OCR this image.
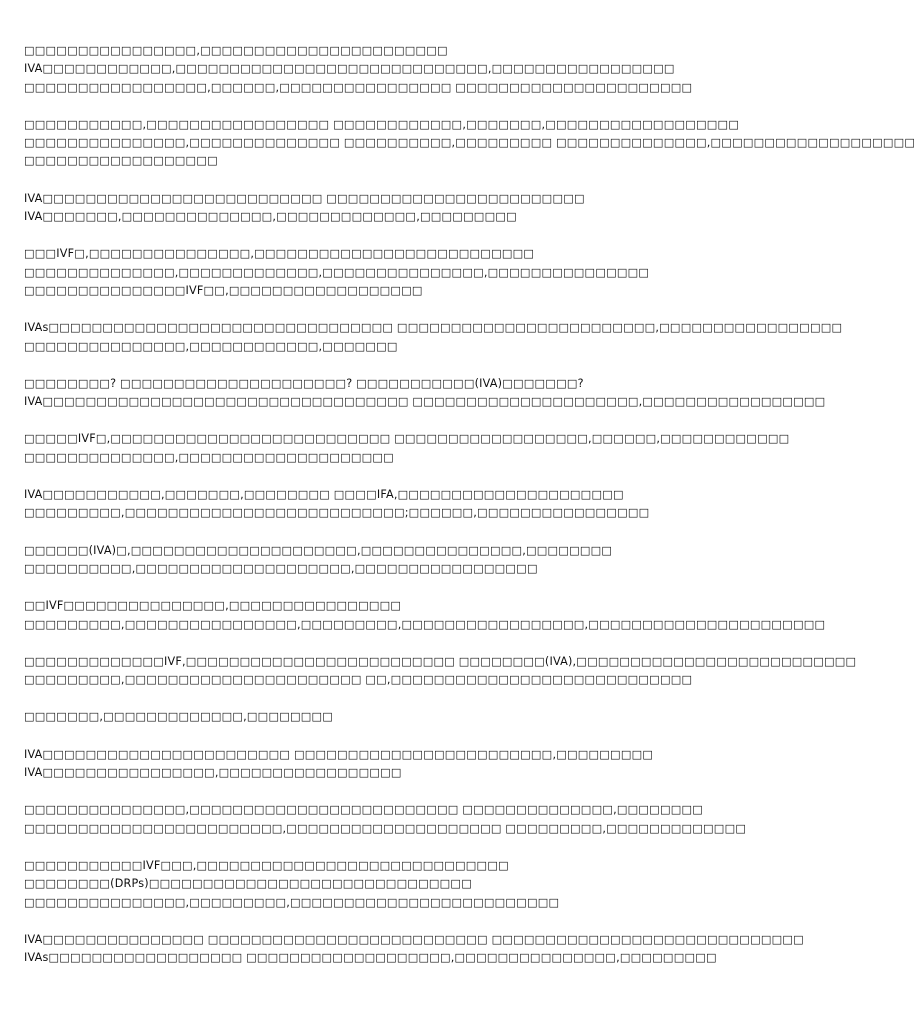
□□□□□□□□□□□□□□□□,□□□□□□□□□□□□□□□□□□□□□□□
IVA□□□□□□□□□□□□,□□□□□□□□□□□□□□□□□□□□□□□□□□□□□,□□□□□□□□□□□□□□□□□
□□□□□□□□□□□□□□□□□,□□□□□□,□□□□□□□□□□□□□□□□ □□□□□□□□□□□□□□□□□□□□□□
□□□□□□□□□□□,□□□□□□□□□□□□□□□□□ □□□□□□□□□□□□,□□□□□□□,□□□□□□□□□□□□□□□□□□
□□□□□□□□□□□□□□□,□□□□□□□□□□□□□□ □□□□□□□□□□,□□□□□□□□□ □□□□□□□□□□□□□□,□□□□□□□□□□□□□□□□□□□
□□□□□□□□□□□□□□□□□□
IVA□□□□□□□□□□□□□□□□□□□□□□□□□□ □□□□□□□□□□□□□□□□□□□□□□□□
IVA□□□□□□□,□□□□□□□□□□□□□□,□□□□□□□□□□□□□,□□□□□□□□□
□□□IVF□,□□□□□□□□□□□□□□□,□□□□□□□□□□□□□□□□□□□□□□□□□□
□□□□□□□□□□□□□□,□□□□□□□□□□□□□,□□□□□□□□□□□□□□□,□□□□□□□□□□□□□□□
□□□□□□□□□□□□□□□IVF□□,□□□□□□□□□□□□□□□□□□
IVAs□□□□□□□□□□□□□□□□□□□□□□□□□□□□□□□□ □□□□□□□□□□□□□□□□□□□□□□□□,□□□□□□□□□□□□□□□□□
□□□□□□□□□□□□□□□,□□□□□□□□□□□□,□□□□□□□
□□□□□□□□? □□□□□□□□□□□□□□□□□□□□□? □□□□□□□□□□□(IVA)□□□□□□□?
IVA□□□□□□□□□□□□□□□□□□□□□□□□□□□□□□□□□□ □□□□□□□□□□□□□□□□□□□□□,□□□□□□□□□□□□□□□□□
□□□□□IVF□,□□□□□□□□□□□□□□□□□□□□□□□□□□ □□□□□□□□□□□□□□□□□□,□□□□□□,□□□□□□□□□□□□
□□□□□□□□□□□□□□,□□□□□□□□□□□□□□□□□□□□
IVA□□□□□□□□□□□,□□□□□□□,□□□□□□□□ □□□□IFA,□□□□□□□□□□□□□□□□□□□□□
□□□□□□□□□,□□□□□□□□□□□□□□□□□□□□□□□□□□;□□□□□□,□□□□□□□□□□□□□□□□
□□□□□□(IVA)□,□□□□□□□□□□□□□□□□□□□□□,□□□□□□□□□□□□□□□,□□□□□□□□
□□□□□□□□□□,□□□□□□□□□□□□□□□□□□□□,□□□□□□□□□□□□□□□□□
□□IVF□□□□□□□□□□□□□□□,□□□□□□□□□□□□□□□□
□□□□□□□□□,□□□□□□□□□□□□□□□□,□□□□□□□□□,□□□□□□□□□□□□□□□□□,□□□□□□□□□□□□□□□□□□□□□□
□□□□□□□□□□□□□IVF,□□□□□□□□□□□□□□□□□□□□□□□□□ □□□□□□□□(IVA),□□□□□□□□□□□□□□□□□□□□□□□□□□
□□□□□□□□□,□□□□□□□□□□□□□□□□□□□□□□ □□,□□□□□□□□□□□□□□□□□□□□□□□□□□□□
□□□□□□□,□□□□□□□□□□□□□,□□□□□□□□
IVA□□□□□□□□□□□□□□□□□□□□□□□ □□□□□□□□□□□□□□□□□□□□□□□□,□□□□□□□□□
IVA□□□□□□□□□□□□□□□□,□□□□□□□□□□□□□□□□□
□□□□□□□□□□□□□□□,□□□□□□□□□□□□□□□□□□□□□□□□□ □□□□□□□□□□□□□□,□□□□□□□□
□□□□□□□□□□□□□□□□□□□□□□□□,□□□□□□□□□□□□□□□□□□□□ □□□□□□□□□,□□□□□□□□□□□□□
□□□□□□□□□□□IVF□□□,□□□□□□□□□□□□□□□□□□□□□□□□□□□□□
□□□□□□□□(DRPs)□□□□□□□□□□□□□□□□□□□□□□□□□□□□□□
□□□□□□□□□□□□□□□,□□□□□□□□□,□□□□□□□□□□□□□□□□□□□□□□□□□
IVA□□□□□□□□□□□□□□□ □□□□□□□□□□□□□□□□□□□□□□□□□□ □□□□□□□□□□□□□□□□□□□□□□□□□□□□□
IVAs□□□□□□□□□□□□□□□□□□ □□□□□□□□□□□□□□□□□□□,□□□□□□□□□□□□□□□,□□□□□□□□□
